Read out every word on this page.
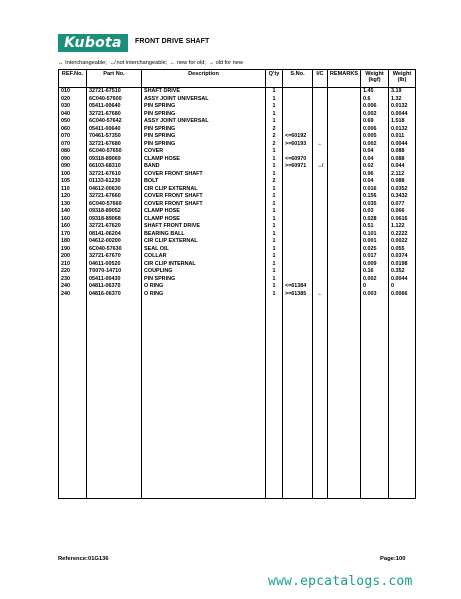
Kubota	FRONT DRIVE SHAFT
↔ Interchangeable; ↮ not interchangeable; ← new for old; → old for new
REF.No.	Part No.	Description	Q'ty	S.No.	I/C	REMARKS	Weight (kgf)	Weight (lb)
010	32721-67510	SHAFT DRIVE	1				1.45	3.19
020	6C040-57600	ASSY JOINT UNIVERSAL	1				0.6	1.32
030	05411-00640	PIN SPRING	1				0.006	0.0132
040	32721-67680	PIN SPRING	1				0.002	0.0044
050	6C040-57642	ASSY JOINT UNIVERSAL	1				0.69	1.518
060	05411-00640	PIN SPRING	2				0.006	0.0132
070	70461-57350	PIN SPRING	2	<=60192			0.005	0.011
070	32721-67680	PIN SPRING	2	>=60193	←		0.002	0.0044
080	6C040-57650	COVER	1				0.04	0.088
090	09318-89069	CLAMP HOSE	1	<=60970			0.04	0.088
090	66103-68310	BAND	1	>=60971	↮		0.02	0.044
100	32721-67610	COVER FRONT SHAFT	1				0.96	2.112
105	01133-61230	BOLT	2				0.04	0.088
110	04612-00630	CIR CLIP EXTERNAL	1				0.016	0.0352
120	32721-67660	COVER FRONT SHAFT	1				0.156	0.3432
130	6C040-57660	COVER FRONT SHAFT	1				0.035	0.077
140	09318-89052	CLAMP HOSE	1				0.03	0.066
160	09318-89068	CLAMP HOSE	1				0.028	0.0616
160	32721-67620	SHAFT FRONT DRIVE	1				0.51	1.122
170	08141-06204	BEARING BALL	1				0.101	0.2222
180	04612-00200	CIR CLIP EXTERNAL	1				0.001	0.0022
190	6C040-57630	SEAL OIL	1				0.025	0.055
200	32721-67670	COLLAR	1				0.017	0.0374
210	04611-00520	CIR CLIP INTERNAL	1				0.009	0.0198
220	T0070-14710	COUPLING	1				0.16	0.352
230	05411-00430	PIN SPRING	1				0.002	0.0044
240	04811-06370	O RING	1	<=61384			0	0
240	04816-06370	O RING	1	>=61385	←		0.003	0.0066

Reference:01G136	Page:100
www.epcatalogs.com
